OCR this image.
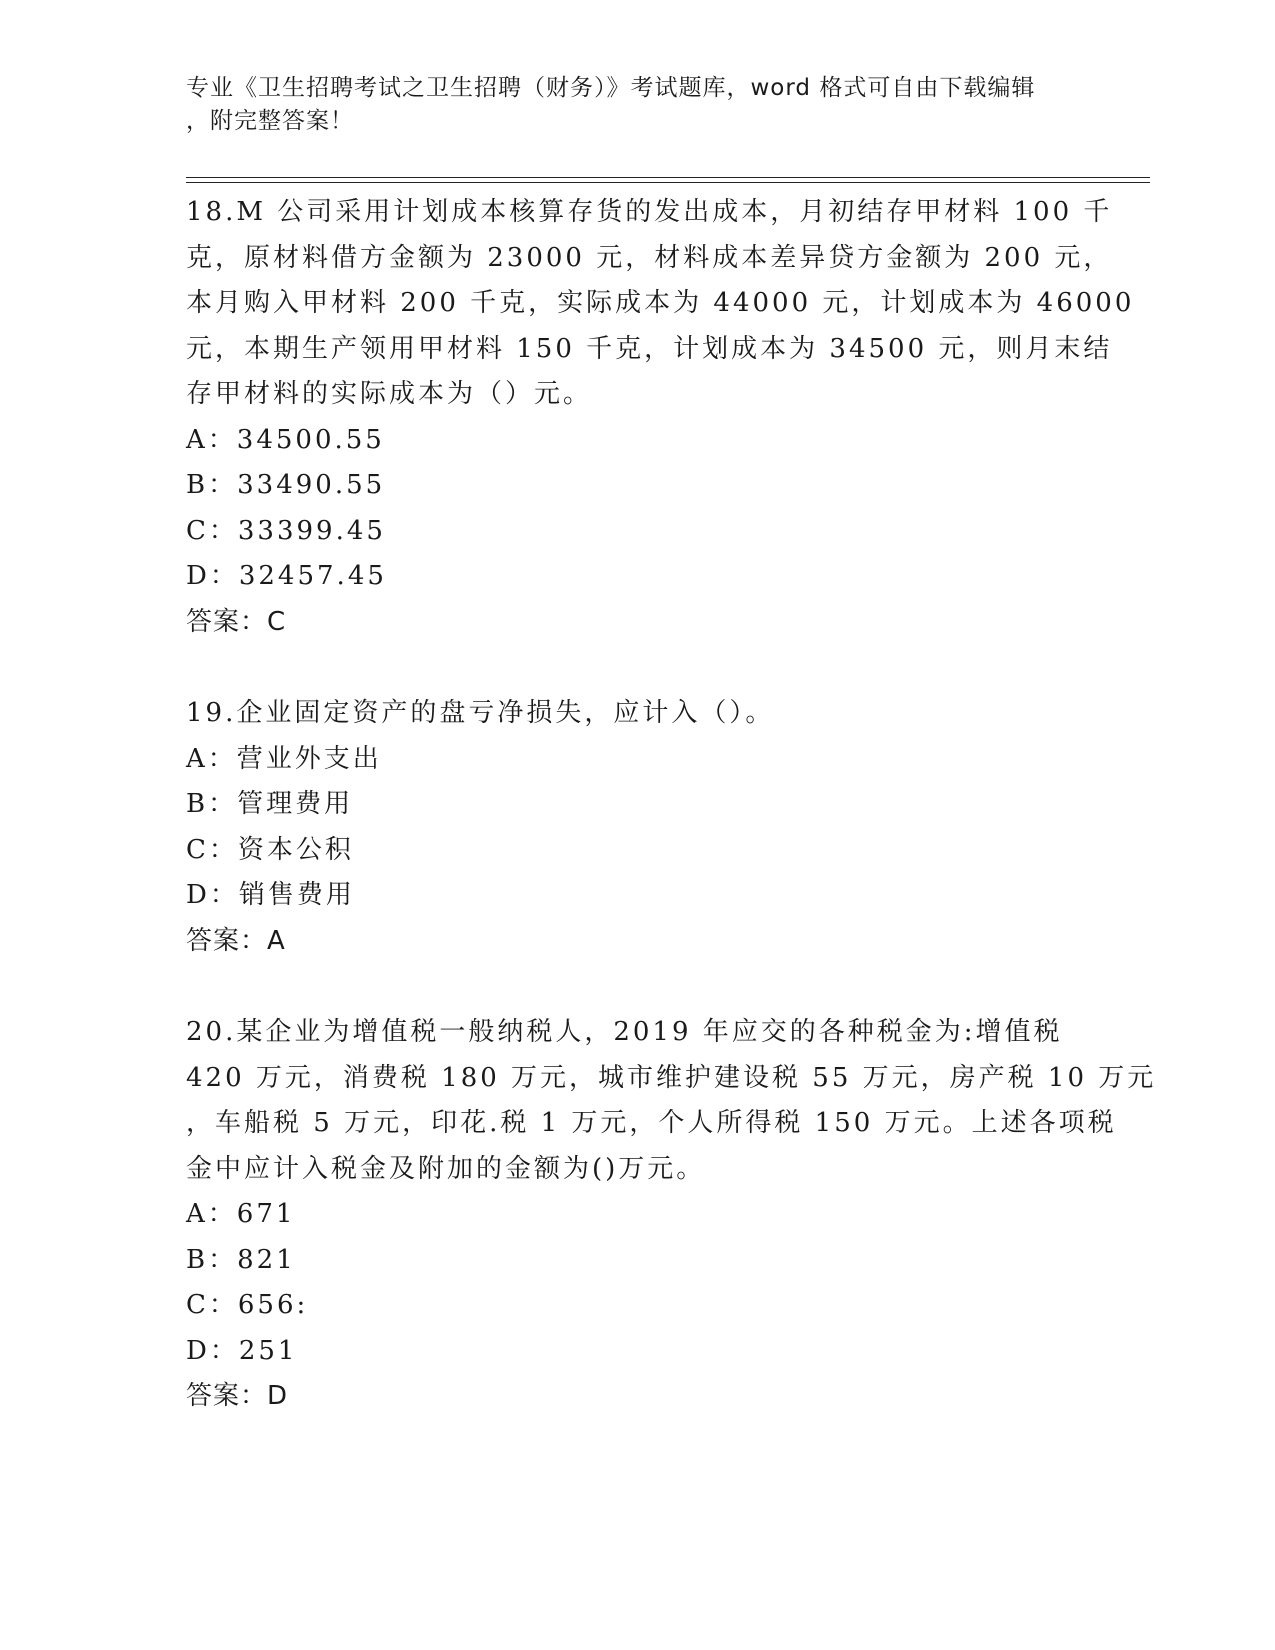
专业《卫生招聘考试之卫生招聘（财务）》考试题库，word 格式可自由下载编辑
，附完整答案！
18.M 公司采用计划成本核算存货的发出成本，月初结存甲材料 100 千
克，原材料借方金额为 23000 元，材料成本差异贷方金额为 200 元，
本月购入甲材料 200 千克，实际成本为 44000 元，计划成本为 46000
元，本期生产领用甲材料 150 千克，计划成本为 34500 元，则月末结
存甲材料的实际成本为（）元。
A：34500.55
B：33490.55
C：33399.45
D：32457.45
答案：C
19.企业固定资产的盘亏净损失，应计入（）。
A：营业外支出
B：管理费用
C：资本公积
D：销售费用
答案：A
20.某企业为增值税一般纳税人，2019 年应交的各种税金为:增值税
420 万元，消费税 180 万元，城市维护建设税 55 万元，房产税 10 万元
，车船税 5 万元，印花.税 1 万元，个人所得税 150 万元。上述各项税
金中应计入税金及附加的金额为()万元。
A：671
B：821
C：656:
D：251
答案：D
